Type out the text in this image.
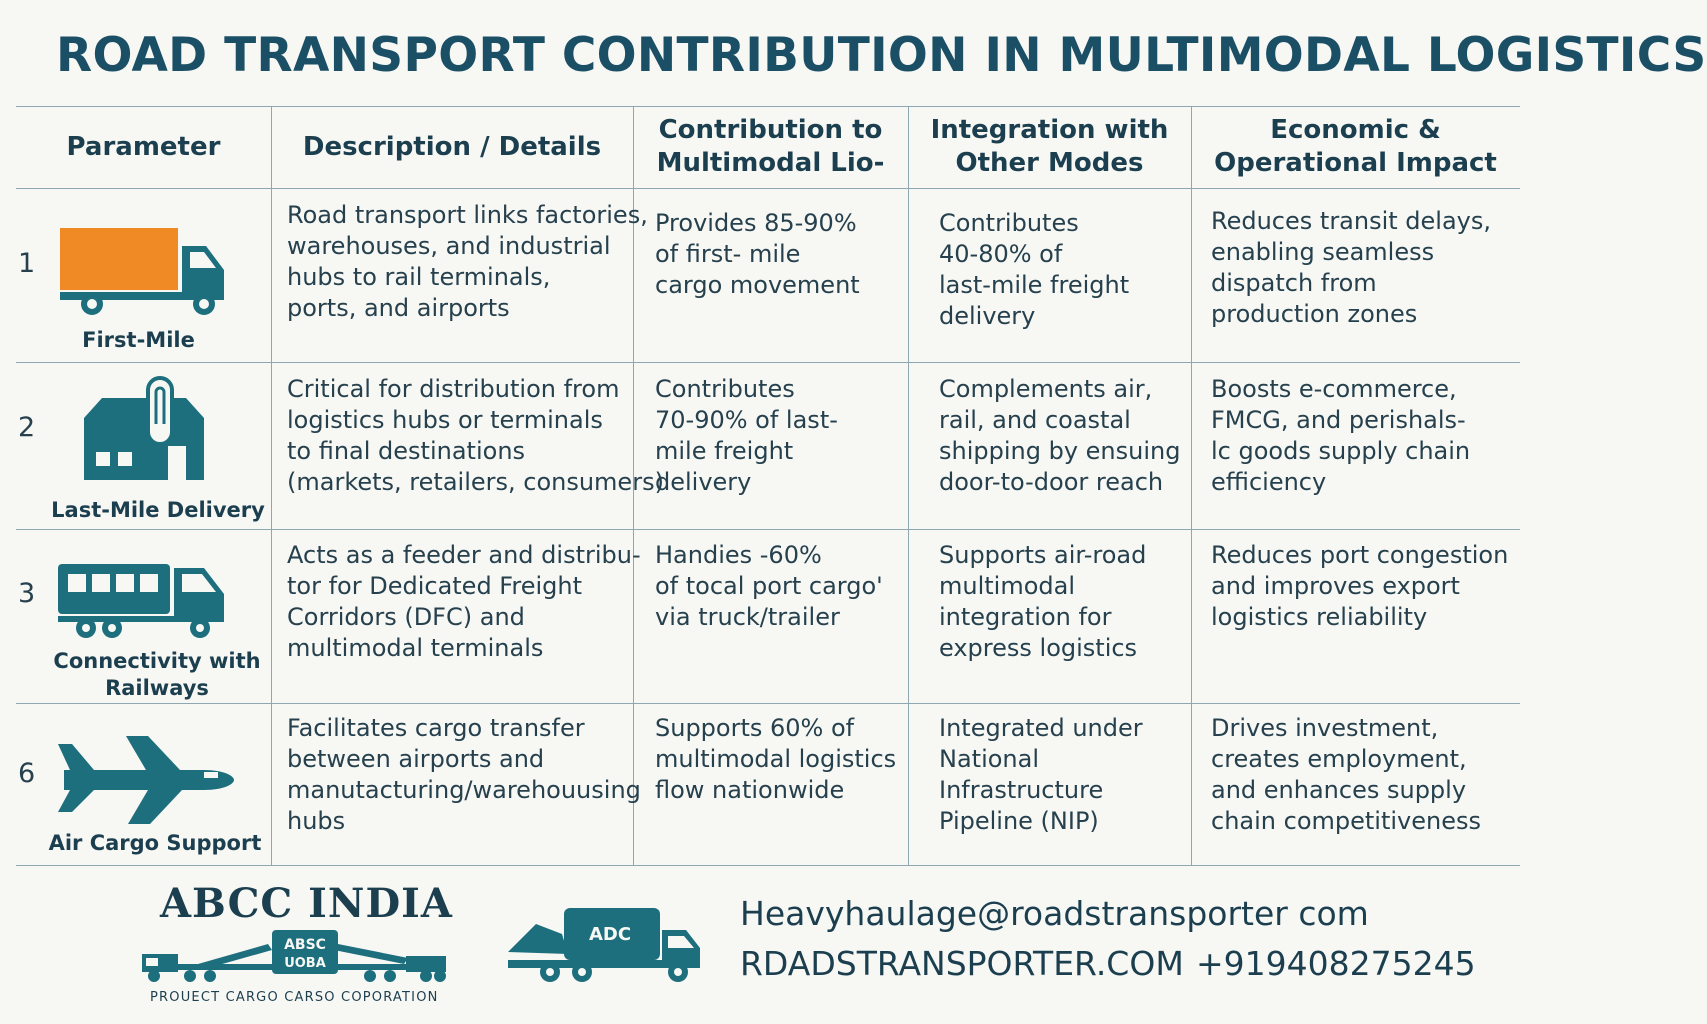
ROAD TRANSPORT CONTRIBUTION IN MULTIMODAL LOGISTICS
Parameter	Description / Details
Contribution to
Multimodal Lio-
Integration with
Other Modes
Economic &
Operational Impact
1
First-Mile
Road transport links factories,
warehouses, and industrial
hubs to rail terminals,
ports, and airports
Provides 85-90%
of first- mile
cargo movement
Contributes
40-80% of
last-mile freight
delivery
Reduces transit delays,
enabling seamless
dispatch from
production zones
2
Last-Mile Delivery
Critical for distribution from
logistics hubs or terminals
to final destinations
(markets, retailers, consumers)
Contributes
70-90% of last-
mile freight
delivery
Complements air,
rail, and coastal
shipping by ensuing
door-to-door reach
Boosts e-commerce,
FMCG, and perishals-
lc goods supply chain
efficiency
3
Connectivity with
Railways
Acts as a feeder and distribu-
tor for Dedicated Freight
Corridors (DFC) and
multimodal terminals
Handies -60%
of tocal port cargo'
via truck/trailer
Supports air-road
multimodal
integration for
express logistics
Reduces port congestion
and improves export
logistics reliability
6
Air Cargo Support
Facilitates cargo transfer
between airports and
manutacturing/warehouusing
hubs
Supports 60% of
multimodal logistics
flow nationwide
Integrated under
National
Infrastructure
Pipeline (NIP)
Drives investment,
creates employment,
and enhances supply
chain competitiveness
ABCC INDIA
ABSC
UOBA
PROUECT CARGO CARSO COPORATION
ADC
Heavyhaulage@roadstransporter com
RDADSTRANSPORTER.COM +919408275245
